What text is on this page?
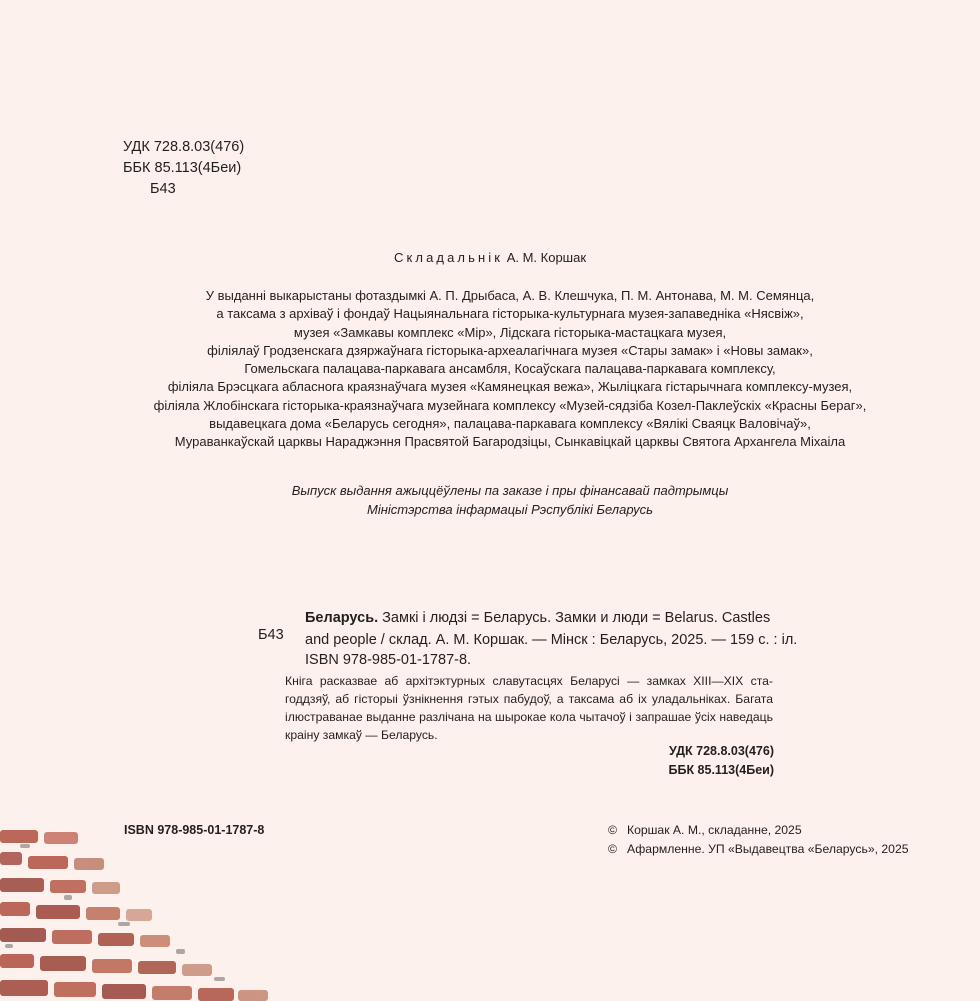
УДК 728.8.03(476)
ББК 85.113(4Беи)
Б43
Складальнік А. М. Коршак
У выданні выкарыстаны фотаздымкі А. П. Дрыбаса, А. В. Клешчука, П. М. Антонава, М. М. Семянца,
а таксама з архіваў і фондаў Нацыянальнага гісторыка-культурнага музея-запаведніка «Нясвіж»,
музея «Замкавы комплекс «Мір», Лідскага гісторыка-мастацкага музея,
філіялаў Гродзенскага дзяржаўнага гісторыка-археалагічнага музея «Стары замак» і «Новы замак»,
Гомельскага палацава-паркавага ансамбля, Косаўскага палацава-паркавага комплексу,
філіяла Брэсцкага абласнога краязнаўчага музея «Камянецкая вежа», Жыліцкага гістарычнага комплексу-музея,
філіяла Жлобінскага гісторыка-краязнаўчага музейнага комплексу «Музей-сядзіба Козел-Паклеўскіх «Красны Бераг»,
выдавецкага дома «Беларусь сегодня», палацава-паркавага комплексу «Вялікі Сваяцк Валовічаў»,
Мураванкаўскай царквы Нараджэння Прасвятой Багародзіцы, Сынкавіцкай царквы Святога Архангела Міхаіла
Выпуск выдання ажыццёўлены па заказе і пры фінансавай падтрымцы
Міністэрства інфармацыі Рэспублікі Беларусь
Б43
Беларусь. Замкі і людзі = Беларусь. Замки и люди = Belarus. Castles
and people / склад. А. М. Коршак. — Мінск : Беларусь, 2025. — 159 с. : іл.
ISBN 978-985-01-1787-8.
Кніга расказвае аб архітэктурных славутасцях Беларусі — замках XIII—XIX ста-
годдзяў, аб гісторыі ўзнікнення гэтых пабудоў, а таксама аб іх уладальніках. Багата
ілюстраванае выданне разлічана на шырокае кола чытачоў і запрашае ўсіх наведаць
краіну замкаў — Беларусь.
УДК 728.8.03(476)
ББК 85.113(4Беи)
ISBN 978-985-01-1787-8	© Коршак А. М., складанне, 2025
© Афармленне. УП «Выдавецтва «Беларусь», 2025
